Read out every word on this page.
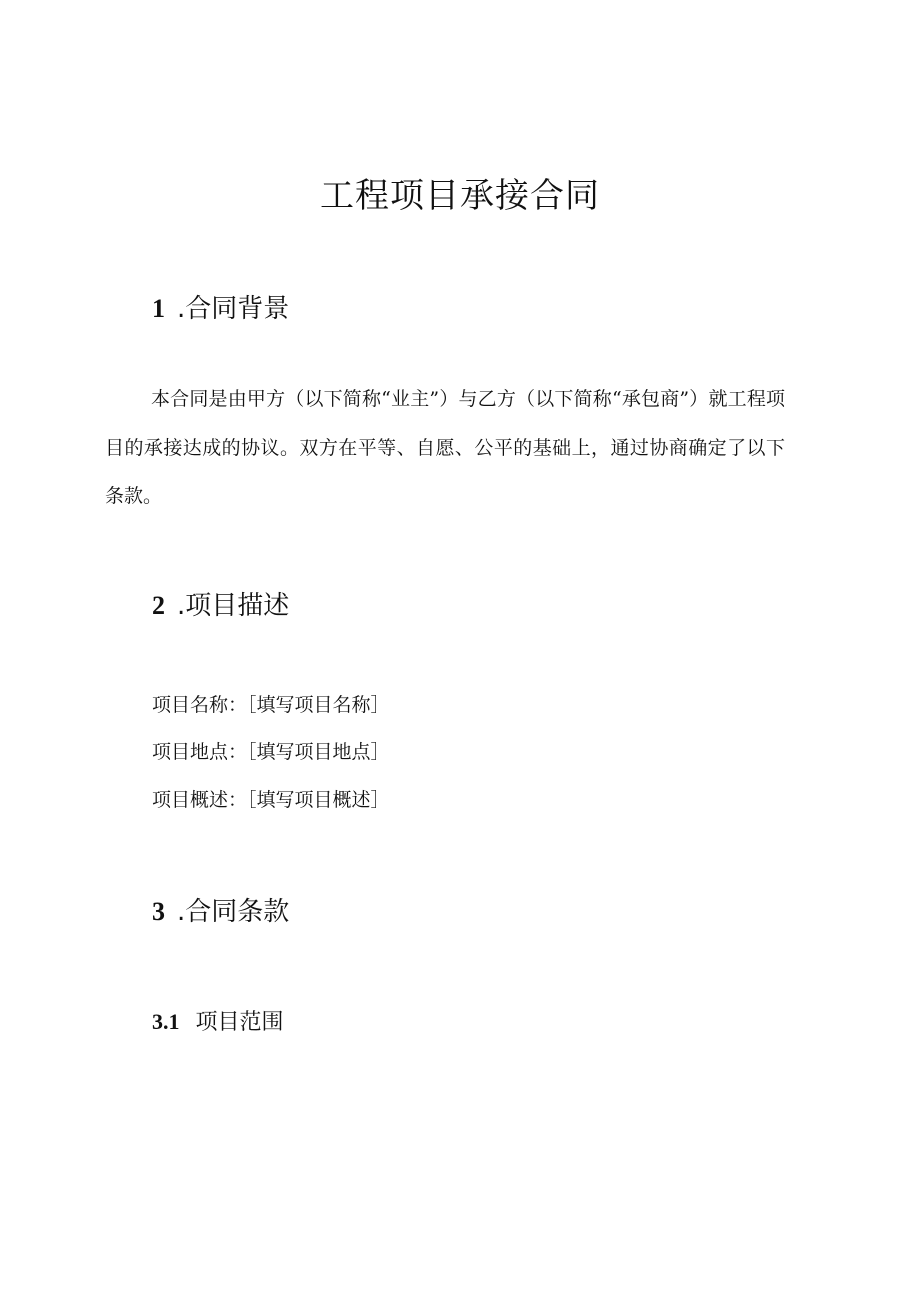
工程项目承接合同
1 .合同背景
本合同是由甲方（以下简称“业主”）与乙方（以下简称“承包商”）就工程项目的承接达成的协议。双方在平等、自愿、公平的基础上，通过协商确定了以下条款。
2 .项目描述
项目名称：［填写项目名称］
项目地点：［填写项目地点］
项目概述：［填写项目概述］
3 .合同条款
3.1 项目范围
